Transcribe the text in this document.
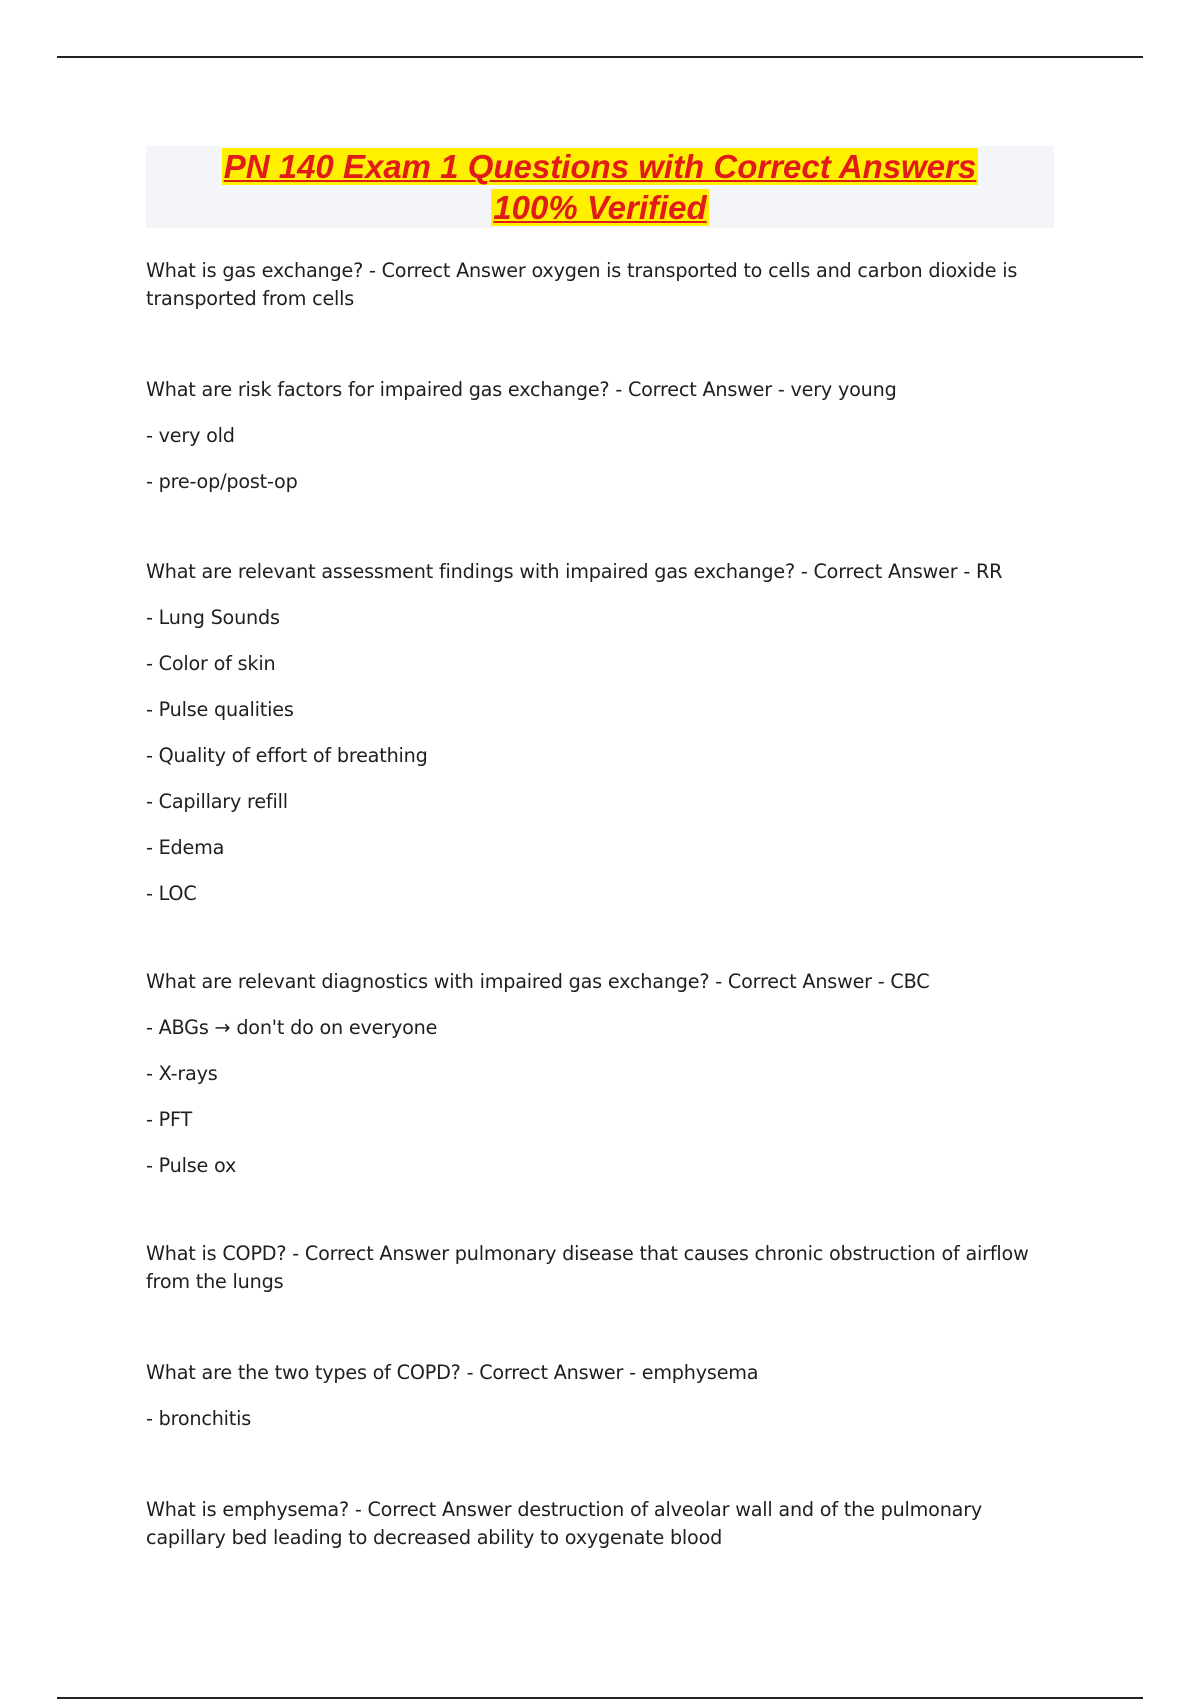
PN 140 Exam 1 Questions with Correct Answers
100% Verified

What is gas exchange? - Correct Answer oxygen is transported to cells and carbon dioxide is transported from cells

What are risk factors for impaired gas exchange? - Correct Answer - very young

- very old

- pre-op/post-op

What are relevant assessment findings with impaired gas exchange? - Correct Answer - RR

- Lung Sounds

- Color of skin

- Pulse qualities

- Quality of effort of breathing

- Capillary refill

- Edema

- LOC

What are relevant diagnostics with impaired gas exchange? - Correct Answer - CBC

- ABGs → don't do on everyone

- X-rays

- PFT

- Pulse ox

What is COPD? - Correct Answer pulmonary disease that causes chronic obstruction of airflow from the lungs

What are the two types of COPD? - Correct Answer - emphysema

- bronchitis

What is emphysema? - Correct Answer destruction of alveolar wall and of the pulmonary capillary bed leading to decreased ability to oxygenate blood
